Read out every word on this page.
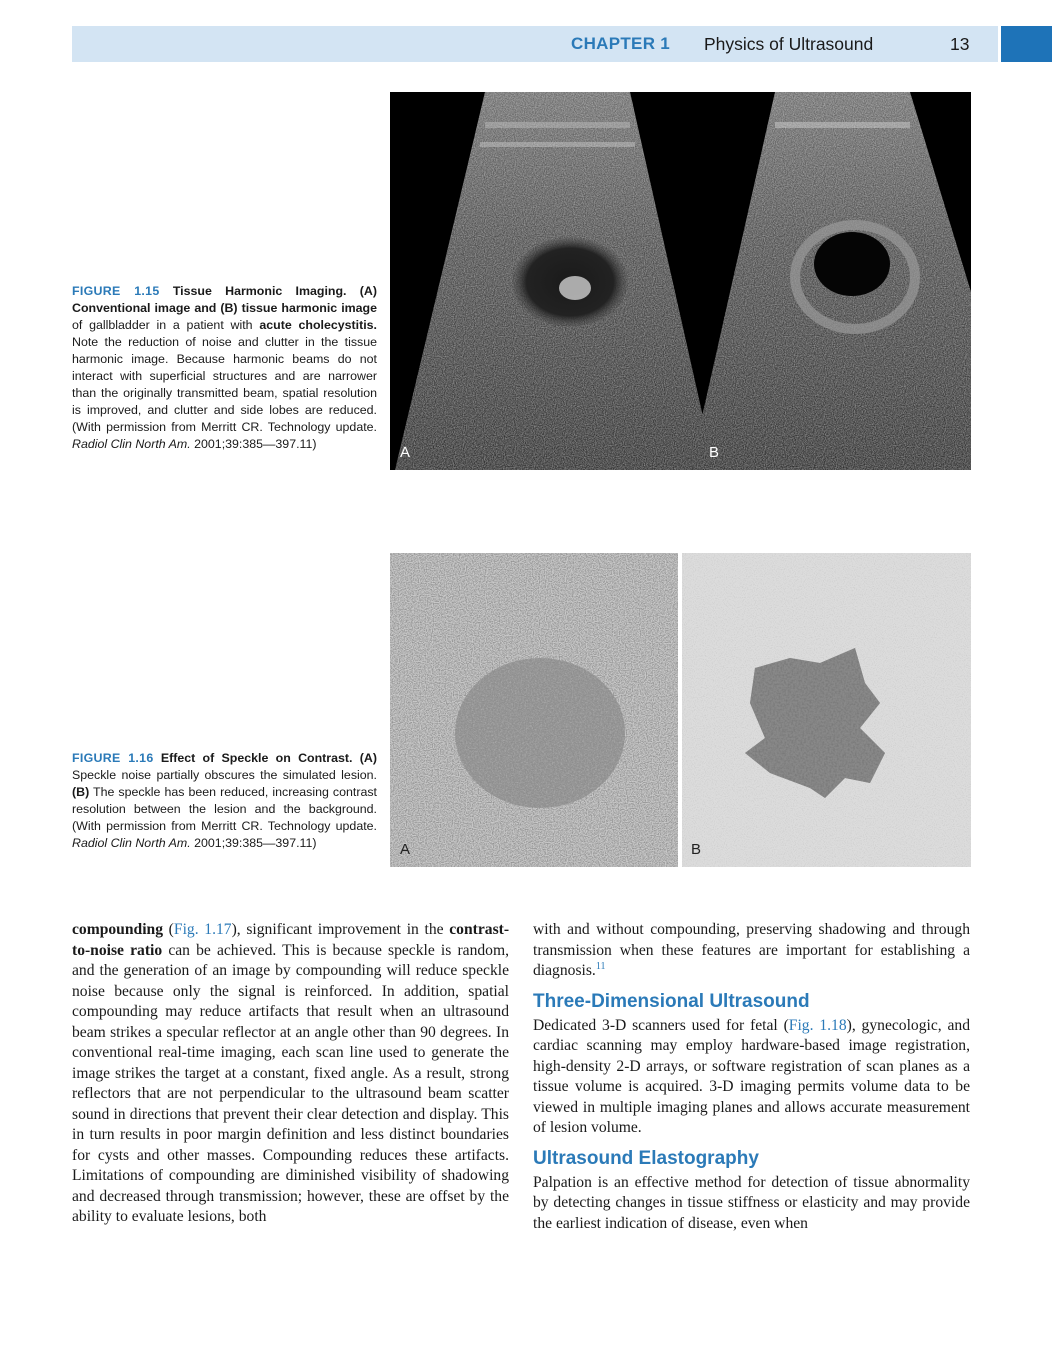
CHAPTER 1 Physics of Ultrasound	13
FIGURE 1.15 Tissue Harmonic Imaging. (A) Conventional image and (B) tissue harmonic image of gallbladder in a patient with acute cholecystitis. Note the reduction of noise and clutter in the tissue harmonic image. Because harmonic beams do not interact with superficial structures and are narrower than the originally transmitted beam, spatial resolution is improved, and clutter and side lobes are reduced. (With permission from Merritt CR. Technology update. Radiol Clin North Am. 2001;39:385—397.11)	A	B
FIGURE 1.16 Effect of Speckle on Contrast. (A) Speckle noise partially obscures the simulated lesion. (B) The speckle has been reduced, increasing contrast resolution between the lesion and the background. (With permission from Merritt CR. Technology update. Radiol Clin North Am. 2001;39:385—397.11)	A	B

compounding (Fig. 1.17), significant improvement in the contrast-to-noise ratio can be achieved. This is because speckle is random, and the generation of an image by compounding will reduce speckle noise because only the signal is reinforced. In addition, spatial compounding may reduce artifacts that result when an ultrasound beam strikes a specular reflector at an angle other than 90 degrees. In conventional real-time imaging, each scan line used to generate the image strikes the target at a constant, fixed angle. As a result, strong reflectors that are not perpendicular to the ultrasound beam scatter sound in directions that prevent their clear detection and display. This in turn results in poor margin definition and less distinct boundaries for cysts and other masses. Compounding reduces these artifacts. Limitations of compounding are diminished visibility of shadowing and decreased through transmission; however, these are offset by the ability to evaluate lesions, both

with and without compounding, preserving shadowing and through transmission when these features are important for establishing a diagnosis.$^{11}$

Three-Dimensional Ultrasound

Dedicated 3-D scanners used for fetal (Fig. 1.18), gynecologic, and cardiac scanning may employ hardware-based image registration, high-density 2-D arrays, or software registration of scan planes as a tissue volume is acquired. 3-D imaging permits volume data to be viewed in multiple imaging planes and allows accurate measurement of lesion volume.

Ultrasound Elastography

Palpation is an effective method for detection of tissue abnormality by detecting changes in tissue stiffness or elasticity and may provide the earliest indication of disease, even when
